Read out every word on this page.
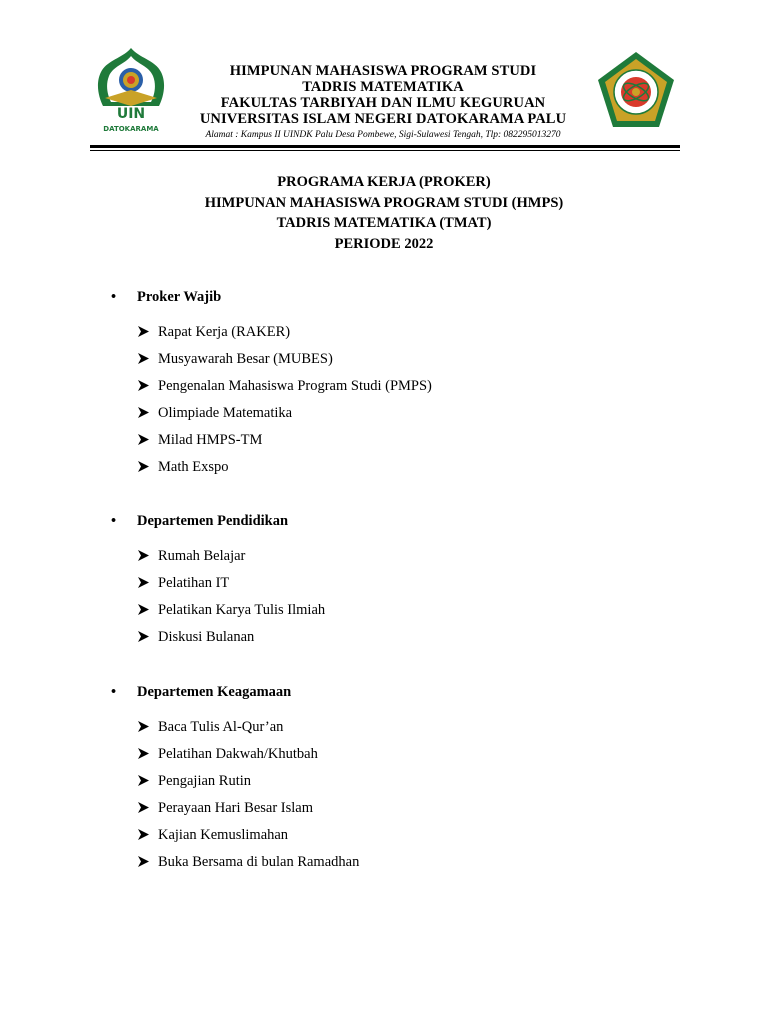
UIN
DATOKARAMA
HIMPUNAN MAHASISWA PROGRAM STUDI
TADRIS MATEMATIKA
FAKULTAS TARBIYAH DAN ILMU KEGURUAN
UNIVERSITAS ISLAM NEGERI DATOKARAMA PALU
Alamat : Kampus II UINDK Palu Desa Pombewe, Sigi-Sulawesi Tengah, Tlp: 082295013270
PROGRAMA KERJA (PROKER)
HIMPUNAN MAHASISWA PROGRAM STUDI (HMPS)
TADRIS MATEMATIKA (TMAT)
PERIODE 2022
• Proker Wajib
Rapat Kerja (RAKER)
Musyawarah Besar (MUBES)
Pengenalan Mahasiswa Program Studi (PMPS)
Olimpiade Matematika
Milad HMPS-TM
Math Exspo
• Departemen Pendidikan
Rumah Belajar
Pelatihan IT
Pelatikan Karya Tulis Ilmiah
Diskusi Bulanan
• Departemen Keagamaan
Baca Tulis Al-Qur’an
Pelatihan Dakwah/Khutbah
Pengajian Rutin
Perayaan Hari Besar Islam
Kajian Kemuslimahan
Buka Bersama di bulan Ramadhan
